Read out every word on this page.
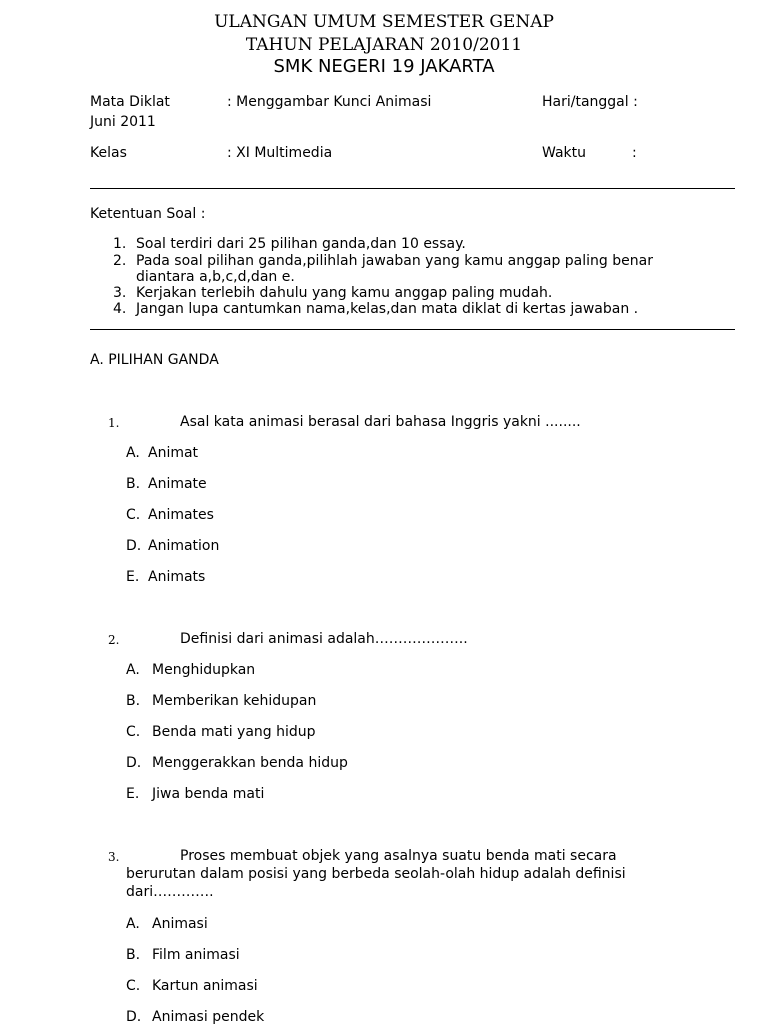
ULANGAN UMUM SEMESTER GENAP
TAHUN PELAJARAN 2010/2011
SMK NEGERI 19 JAKARTA
Mata Diklat	: Menggambar Kunci Animasi	Hari/tanggal :
Juni 2011
Kelas	: XI Multimedia	Waktu	:
Ketentuan Soal :
1. Soal terdiri dari 25 pilihan ganda,dan 10 essay.
2. Pada soal pilihan ganda,pilihlah jawaban yang kamu anggap paling benar
diantara a,b,c,d,dan e.
3. Kerjakan terlebih dahulu yang kamu anggap paling mudah.
4. Jangan lupa cantumkan nama,kelas,dan mata diklat di kertas jawaban .
A. PILIHAN GANDA
1.	Asal kata animasi berasal dari bahasa Inggris yakni ........
A. Animat
B. Animate
C. Animates
D. Animation
E. Animats
2.	Definisi dari animasi adalah………………..
A. Menghidupkan
B. Memberikan kehidupan
C. Benda mati yang hidup
D. Menggerakkan benda hidup
E. Jiwa benda mati
3.	Proses membuat objek yang asalnya suatu benda mati secara
berurutan dalam posisi yang berbeda seolah-olah hidup adalah definisi
dari………….
A. Animasi
B. Film animasi
C. Kartun animasi
D. Animasi pendek
